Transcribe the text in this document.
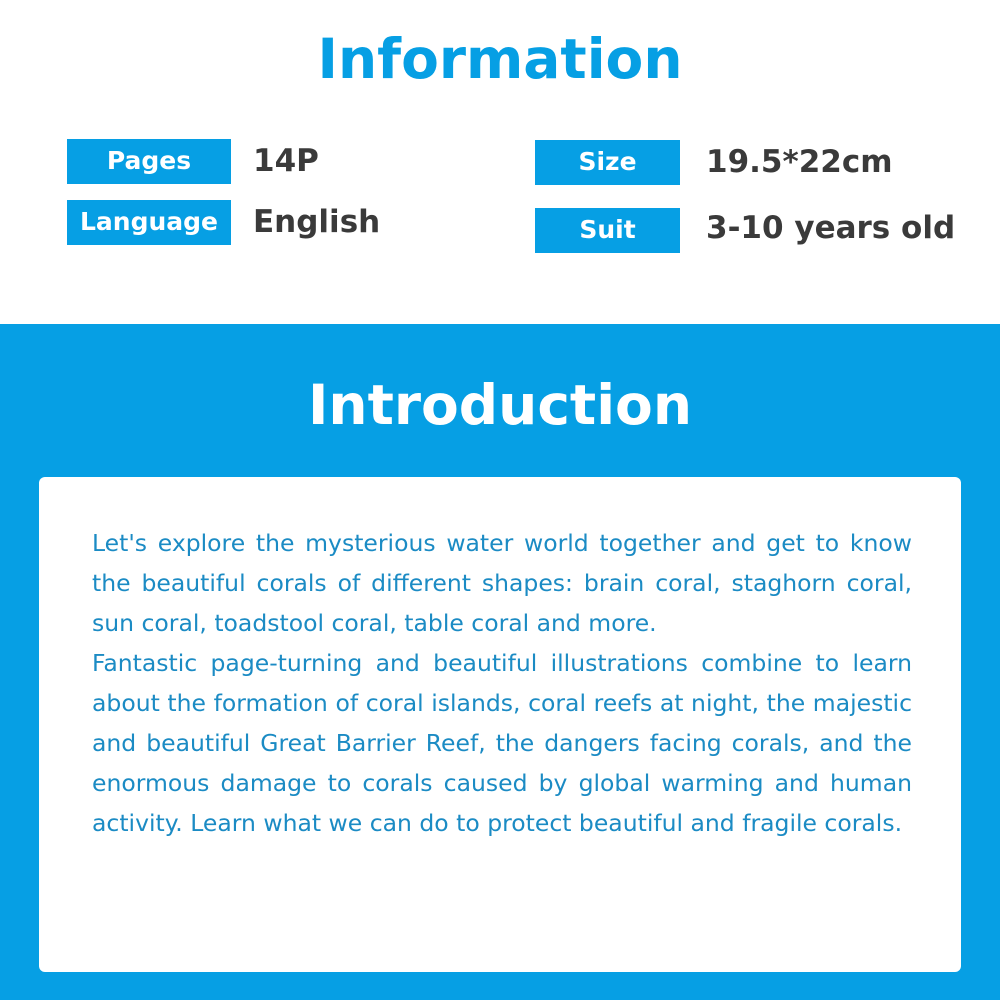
Information
Pages	14P
Language	English
Size	19.5*22cm
Suit	3-10 years old
Introduction

Let's explore the mysterious water world together and get to know the beautiful corals of different shapes: brain coral, staghorn coral, sun coral, toadstool coral, table coral and more.

Fantastic page-turning and beautiful illustrations combine to learn about the formation of coral islands, coral reefs at night, the majestic and beautiful Great Barrier Reef, the dangers facing corals, and the enormous damage to corals caused by global warming and human activity. Learn what we can do to protect beautiful and fragile corals.
